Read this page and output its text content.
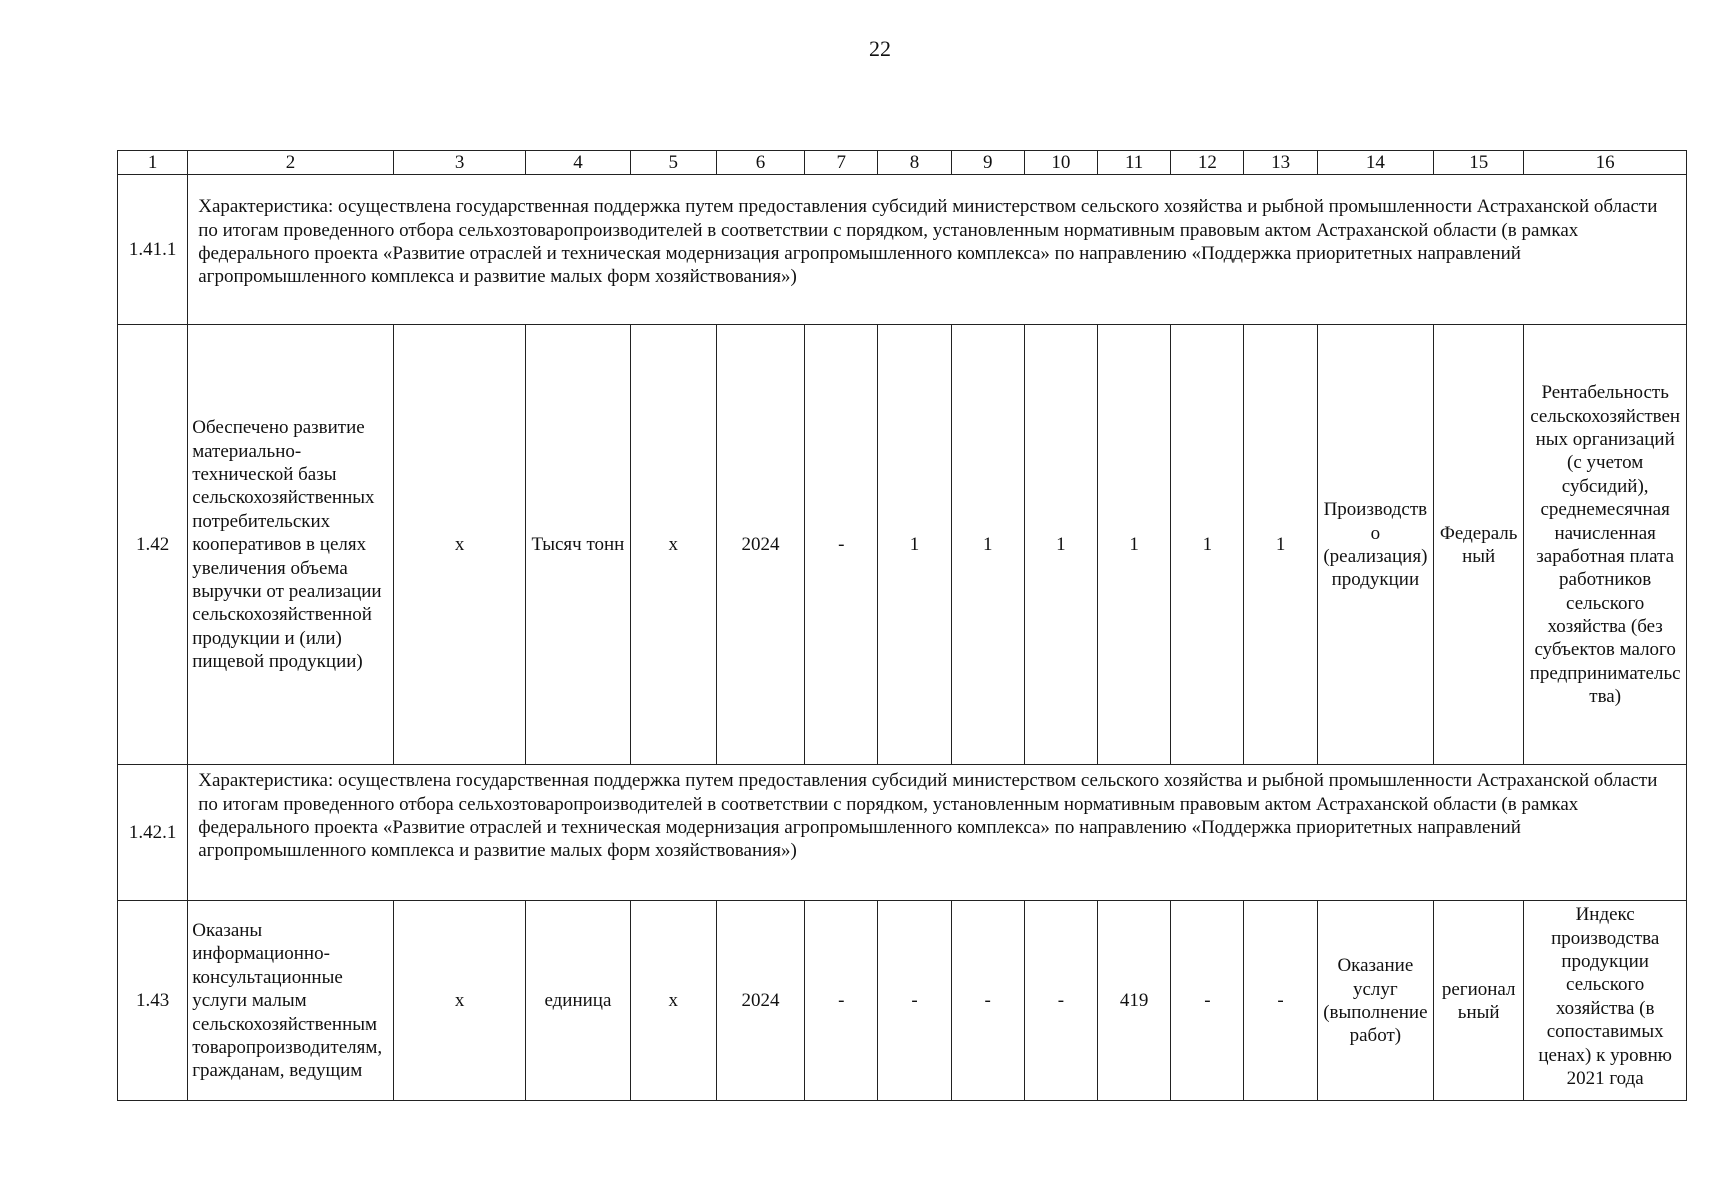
22
1	2	3	4	5	6	7	8	9	10	11	12	13	14	15	16
1.41.1	Характеристика: осуществлена государственная поддержка путем предоставления субсидий министерством сельского хозяйства и рыбной промышленности Астраханской области по итогам проведенного отбора сельхозтоваропроизводителей в соответствии с порядком, установленным нормативным правовым актом Астраханской области (в рамках федерального проекта «Развитие отраслей и техническая модернизация агропромышленного комплекса» по направлению «Поддержка приоритетных направлений агропромышленного комплекса и развитие малых форм хозяйствования»)														
1.42	Обеспечено развитие материально-технической базы сельскохозяйственных потребительских кооперативов в целях увеличения объема выручки от реализации сельскохозяйственной продукции и (или) пищевой продукции)	x	Тысяч тонн	x	2024	-	1	1	1	1	1	1	Производство (реализация) продукции	Федеральный	Рентабельность сельскохозяйственных организаций (с учетом субсидий), среднемесячная начисленная заработная плата работников сельского хозяйства (без субъектов малого предпринимательства)
1.42.1	Характеристика: осуществлена государственная поддержка путем предоставления субсидий министерством сельского хозяйства и рыбной промышленности Астраханской области по итогам проведенного отбора сельхозтоваропроизводителей в соответствии с порядком, установленным нормативным правовым актом Астраханской области (в рамках федерального проекта «Развитие отраслей и техническая модернизация агропромышленного комплекса» по направлению «Поддержка приоритетных направлений агропромышленного комплекса и развитие малых форм хозяйствования»)														
1.43	Оказаны информационно-консультационные услуги малым сельскохозяйственным товаропроизводителям, гражданам, ведущим	x	единица	x	2024	-	-	-	-	419	-	-	Оказание услуг (выполнение работ)	региональный	Индекс производства продукции сельского хозяйства (в сопоставимых ценах) к уровню 2021 года
